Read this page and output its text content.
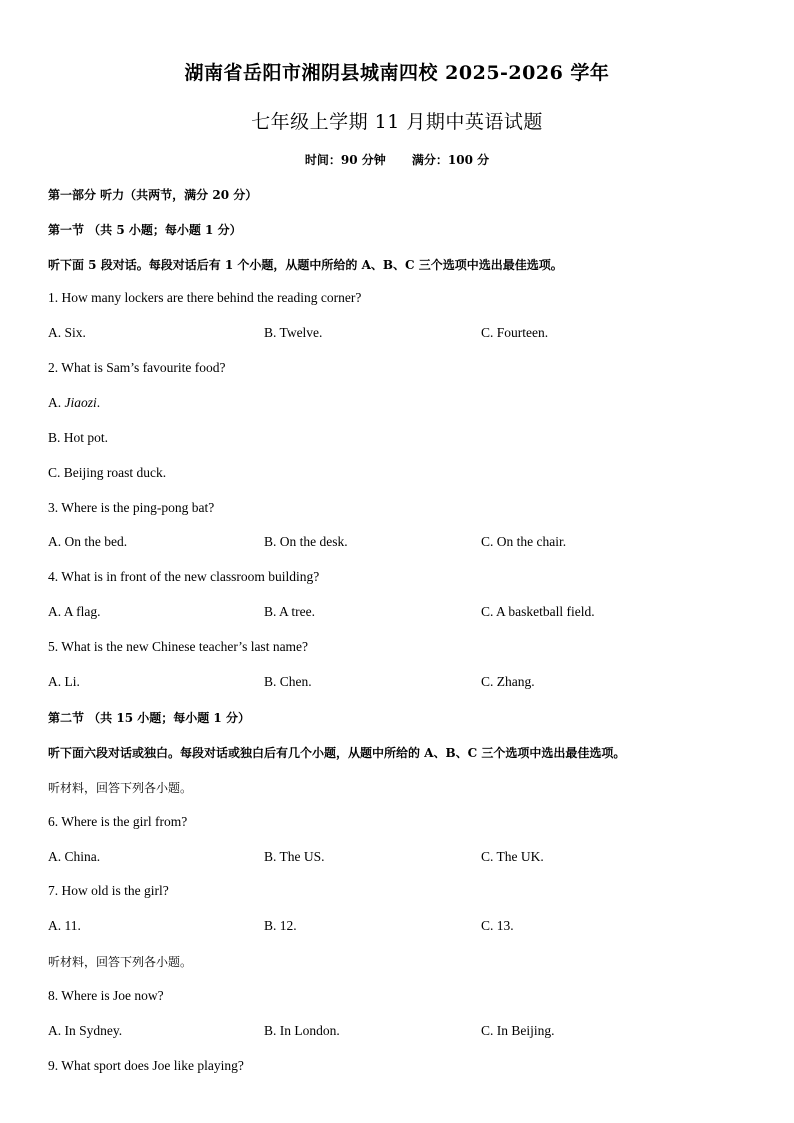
湖南省岳阳市湘阴县城南四校 2025-2026 学年
七年级上学期 11 月期中英语试题
时间：90 分钟 满分：100 分
第一部分 听力（共两节，满分 20 分）
第一节 （共 5 小题；每小题 1 分）
听下面 5 段对话。每段对话后有 1 个小题，从题中所给的 A、B、C 三个选项中选出最佳选项。
1. How many lockers are there behind the reading corner?
A. Six.	B. Twelve.	C. Fourteen.
2. What is Sam’s favourite food?
A. Jiaozi.
B. Hot pot.
C. Beijing roast duck.
3. Where is the ping-pong bat?
A. On the bed.	B. On the desk.	C. On the chair.
4. What is in front of the new classroom building?
A. A flag.	B. A tree.	C. A basketball field.
5. What is the new Chinese teacher’s last name?
A. Li.	B. Chen.	C. Zhang.
第二节 （共 15 小题；每小题 1 分）
听下面六段对话或独白。每段对话或独白后有几个小题，从题中所给的 A、B、C 三个选项中选出最佳选项。
听材料，回答下列各小题。
6. Where is the girl from?
A. China.	B. The US.	C. The UK.
7. How old is the girl?
A. 11.	B. 12.	C. 13.
听材料，回答下列各小题。
8. Where is Joe now?
A. In Sydney.	B. In London.	C. In Beijing.
9. What sport does Joe like playing?
